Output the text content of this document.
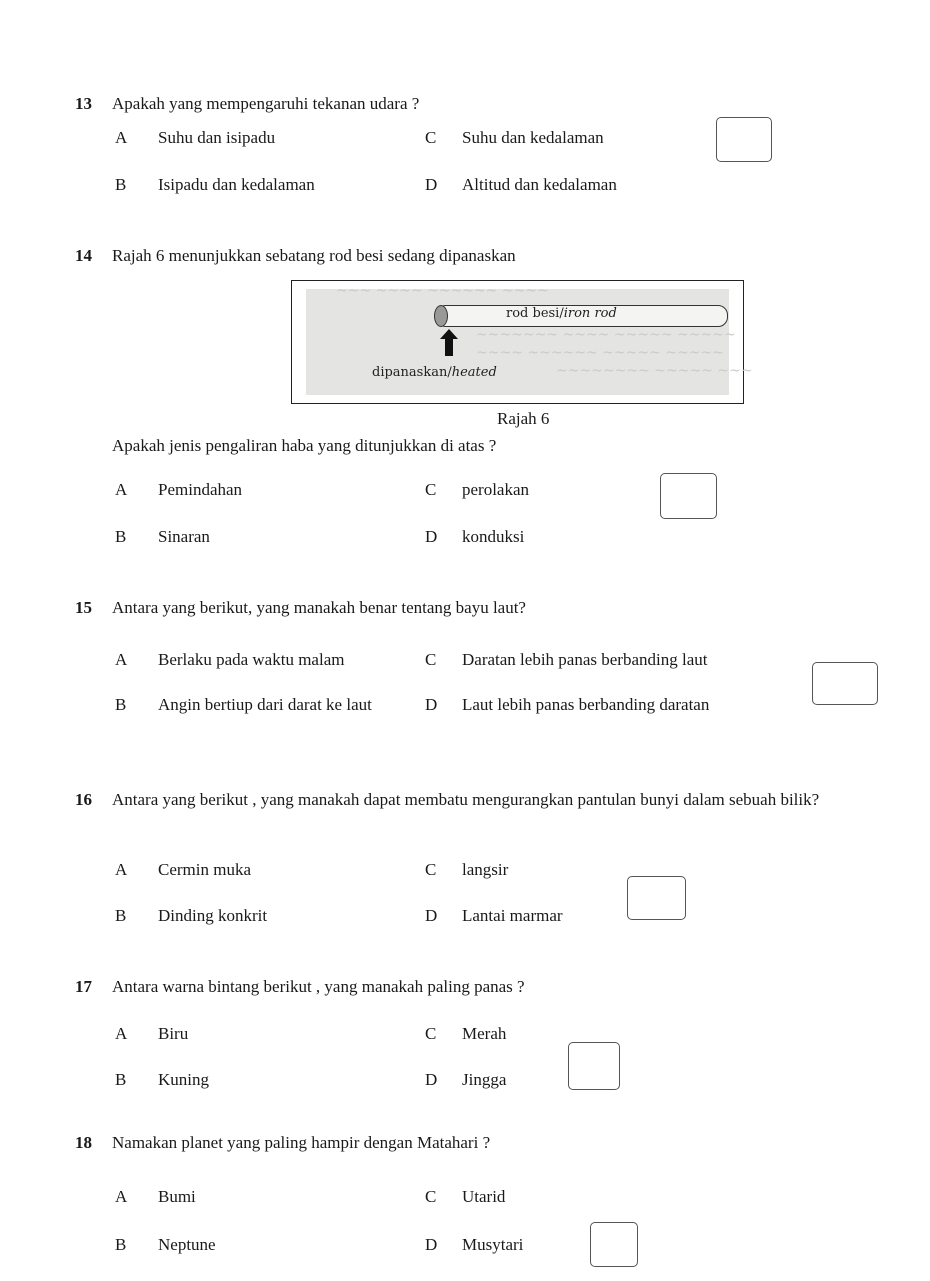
~~~ ~~~~ ~~~~~~ ~~~~
~~~~~~~ ~~~~ ~~~~~ ~~~~~
~~~~ ~~~~~~ ~~~~~ ~~~~~
~~~~~~~~ ~~~~~ ~~~
rod besi/iron rod
dipanaskan/heated
Rajah 6
13 Apakah yang mempengaruhi tekanan udara ?
A Suhu dan isipadu
B Isipadu dan kedalaman
C Suhu dan kedalaman
D Altitud dan kedalaman
14 Rajah 6 menunjukkan sebatang rod besi sedang dipanaskan
Apakah jenis pengaliran haba yang ditunjukkan di atas ?
A Pemindahan
B Sinaran
C perolakan
D konduksi
15 Antara yang berikut, yang manakah benar tentang bayu laut?
A Berlaku pada waktu malam
B Angin bertiup dari darat ke laut
C Daratan lebih panas berbanding laut
D Laut lebih panas berbanding daratan
16 Antara yang berikut , yang manakah dapat membatu mengurangkan pantulan bunyi dalam sebuah bilik?
A Cermin muka
B Dinding konkrit
C langsir
D Lantai marmar
17 Antara warna bintang berikut , yang manakah paling panas ?
A Biru
B Kuning
C Merah
D Jingga
18 Namakan planet yang paling hampir dengan Matahari ?
A Bumi
B Neptune
C Utarid
D Musytari
